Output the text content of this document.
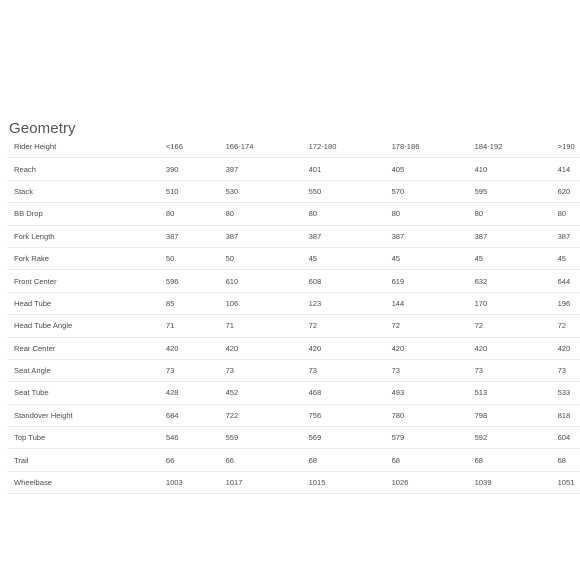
Geometry
Rider Height	<166	166-174	172-180	178-186	184-192	>190
Reach	390	397	401	405	410	414
Stack	510	530	550	570	595	620
BB Drop	80	80	80	80	80	80
Fork Length	387	387	387	387	387	387
Fork Rake	50	50	45	45	45	45
Front Center	596	610	608	619	632	644
Head Tube	85	106	123	144	170	196
Head Tube Angle	71	71	72	72	72	72
Rear Center	420	420	420	420	420	420
Seat Angle	73	73	73	73	73	73
Seat Tube	428	452	468	493	513	533
Standover Height	684	722	756	780	798	818
Top Tube	546	559	569	579	592	604
Trail	66	66	68	68	68	68
Wheelbase	1003	1017	1015	1026	1039	1051
